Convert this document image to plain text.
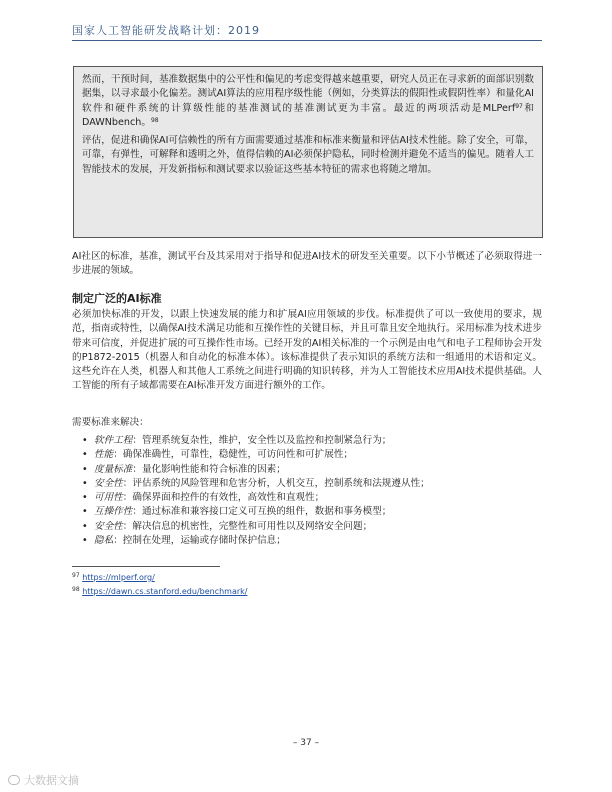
国家人工智能研发战略计划：2019

然而，干预时间，基准数据集中的公平性和偏见的考虑变得越来越重要，研究人员正在寻求新的面部识别数据集，以寻求最小化偏差。测试AI算法的应用程序级性能（例如，分类算法的假阳性或假阴性率）和量化AI软件和硬件系统的计算级性能的基准测试的基准测试更为丰富。最近的两项活动是MLPerf$^{97}$和DAWNbench。$^{98}$

评估，促进和确保AI可信赖性的所有方面需要通过基准和标准来衡量和评估AI技术性能。除了安全，可靠，可靠，有弹性，可解释和透明之外，值得信赖的AI必须保护隐私，同时检测并避免不适当的偏见。随着人工智能技术的发展，开发新指标和测试要求以验证这些基本特征的需求也将随之增加。

AI社区的标准，基准，测试平台及其采用对于指导和促进AI技术的研发至关重要。以下小节概述了必须取得进一步进展的领域。

制定广泛的AI标准

必须加快标准的开发，以跟上快速发展的能力和扩展AI应用领域的步伐。标准提供了可以一致使用的要求，规范，指南或特性，以确保AI技术满足功能和互操作性的关键目标，并且可靠且安全地执行。采用标准为技术进步带来可信度，并促进扩展的可互操作性市场。已经开发的AI相关标准的一个示例是由电气和电子工程师协会开发的P1872-2015（机器人和自动化的标准本体）。该标准提供了表示知识的系统方法和一组通用的术语和定义。这些允许在人类，机器人和其他人工系统之间进行明确的知识转移，并为人工智能技术应用AI技术提供基础。人工智能的所有子域都需要在AI标准开发方面进行额外的工作。

需要标准来解决：

• 软件工程：管理系统复杂性，维护，安全性以及监控和控制紧急行为；
• 性能：确保准确性，可靠性，稳健性，可访问性和可扩展性；
• 度量标准：量化影响性能和符合标准的因素；
• 安全性：评估系统的风险管理和危害分析，人机交互，控制系统和法规遵从性；
• 可用性：确保界面和控件的有效性，高效性和直观性；
• 互操作性：通过标准和兼容接口定义可互换的组件，数据和事务模型；
• 安全性：解决信息的机密性，完整性和可用性以及网络安全问题；
• 隐私：控制在处理，运输或存储时保护信息；
$^{97}$ https://mlperf.org/
$^{98}$ https://dawn.cs.stanford.edu/benchmark/
– 37 –
大数据文摘
